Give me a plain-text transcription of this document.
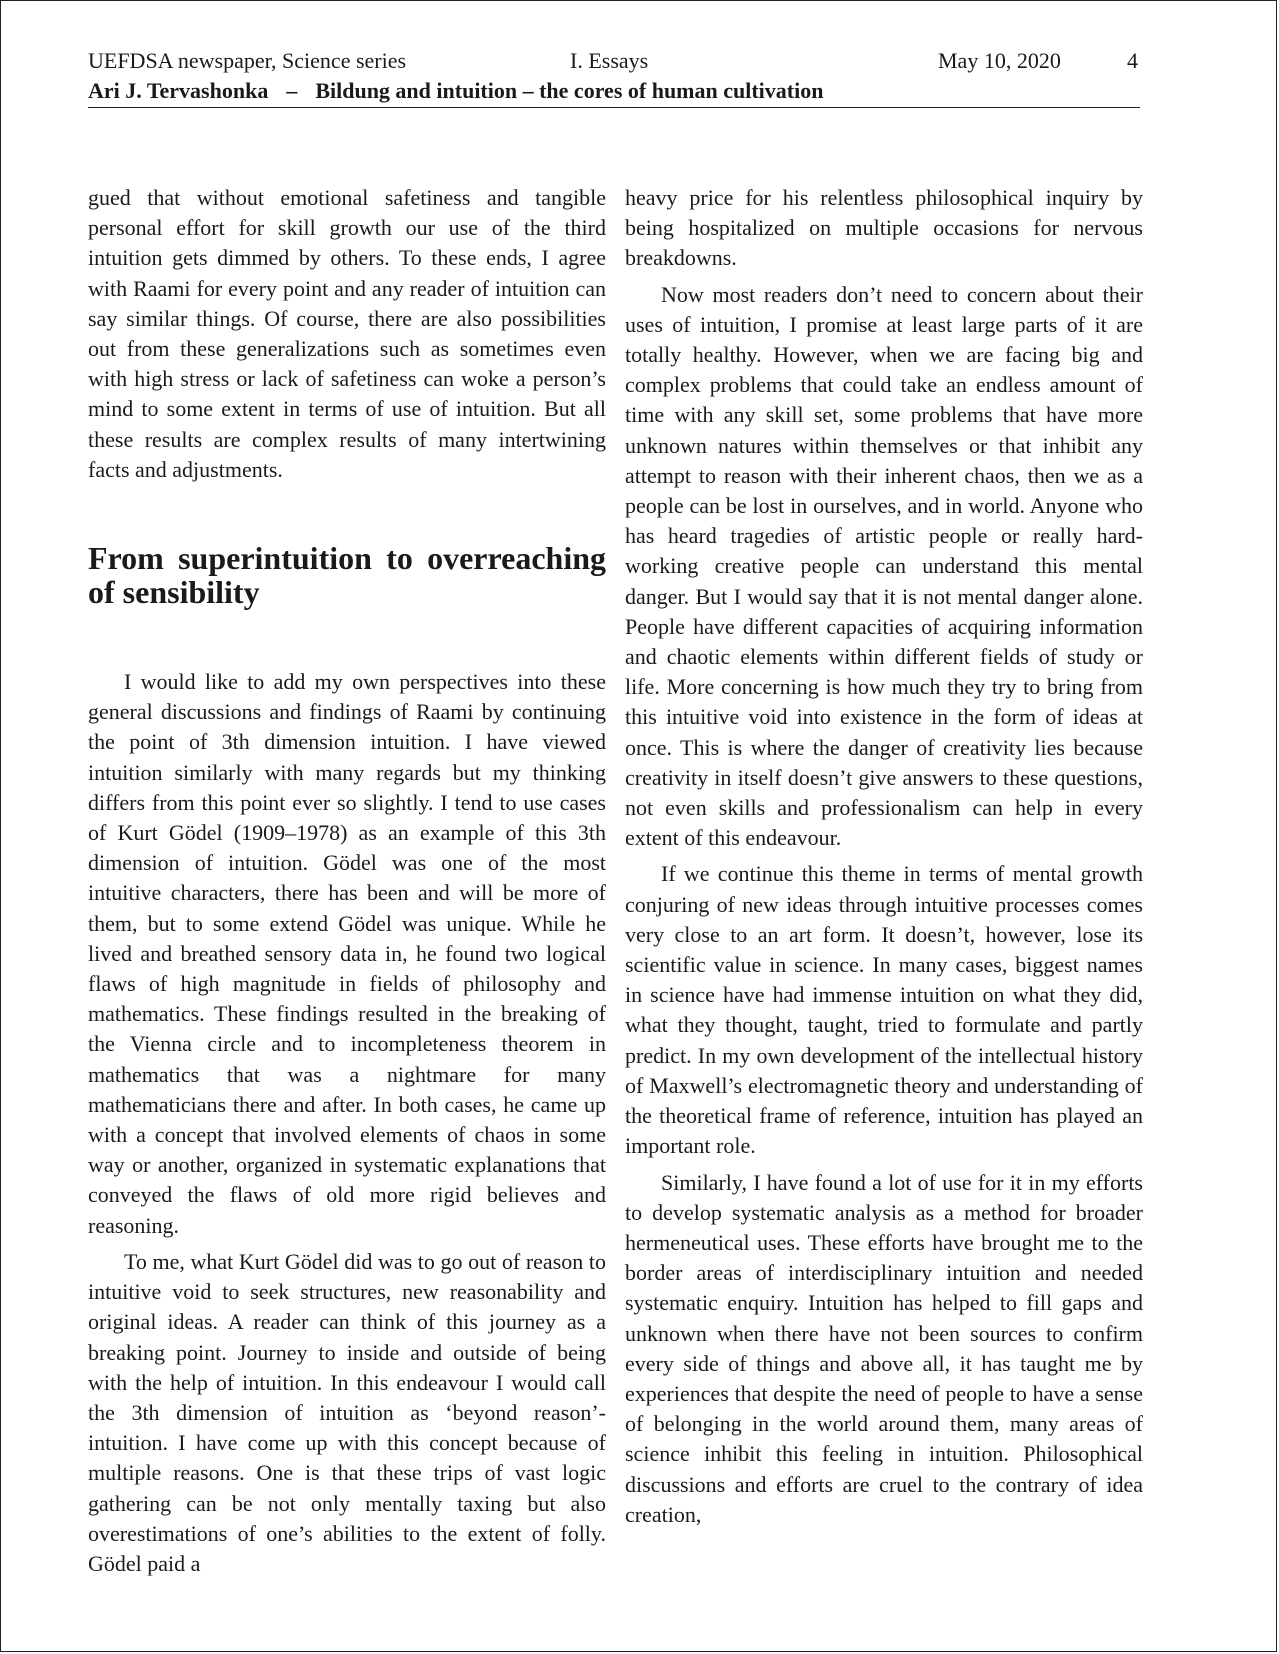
UEFDSA newspaper, Science series	I. Essays	May 10, 2020	4
Ari J. Tervashonka – Bildung and intuition – the cores of human cultivation

gued that without emotional safetiness and tangible personal effort for skill growth our use of the third intuition gets dimmed by others. To these ends, I agree with Raami for every point and any reader of intuition can say similar things. Of course, there are also possibilities out from these generalizations such as sometimes even with high stress or lack of safetiness can woke a person’s mind to some extent in terms of use of intuition. But all these results are complex results of many intertwining facts and adjustments.

From superintuition to overreaching of sensibility

I would like to add my own perspectives into these general discussions and findings of Raami by continuing the point of 3th dimension intuition. I have viewed intuition similarly with many regards but my thinking differs from this point ever so slightly. I tend to use cases of Kurt Gödel (1909–1978) as an example of this 3th dimension of intuition. Gödel was one of the most intuitive characters, there has been and will be more of them, but to some extend Gödel was unique. While he lived and breathed sensory data in, he found two logical flaws of high magnitude in fields of philosophy and mathematics. These findings resulted in the breaking of the Vienna circle and to incompleteness theorem in mathematics that was a nightmare for many mathematicians there and after. In both cases, he came up with a concept that involved elements of chaos in some way or another, organized in systematic explanations that conveyed the flaws of old more rigid believes and reasoning.

To me, what Kurt Gödel did was to go out of reason to intuitive void to seek structures, new reasonability and original ideas. A reader can think of this journey as a breaking point. Journey to inside and outside of being with the help of intuition. In this endeavour I would call the 3th dimension of intuition as ‘beyond reason’-intuition. I have come up with this concept because of multiple reasons. One is that these trips of vast logic gathering can be not only mentally taxing but also overestimations of one’s abilities to the extent of folly. Gödel paid a

heavy price for his relentless philosophical inquiry by being hospitalized on multiple occasions for nervous breakdowns.

Now most readers don’t need to concern about their uses of intuition, I promise at least large parts of it are totally healthy. However, when we are facing big and complex problems that could take an endless amount of time with any skill set, some problems that have more unknown natures within themselves or that inhibit any attempt to reason with their inherent chaos, then we as a people can be lost in ourselves, and in world. Anyone who has heard tragedies of artistic people or really hard-working creative people can understand this mental danger. But I would say that it is not mental danger alone. People have different capacities of acquiring information and chaotic elements within different fields of study or life. More concerning is how much they try to bring from this intuitive void into existence in the form of ideas at once. This is where the danger of creativity lies because creativity in itself doesn’t give answers to these questions, not even skills and professionalism can help in every extent of this endeavour.

If we continue this theme in terms of mental growth conjuring of new ideas through intuitive processes comes very close to an art form. It doesn’t, however, lose its scientific value in science. In many cases, biggest names in science have had immense intuition on what they did, what they thought, taught, tried to formulate and partly predict. In my own development of the intellectual history of Maxwell’s electromagnetic theory and understanding of the theoretical frame of reference, intuition has played an important role.

Similarly, I have found a lot of use for it in my efforts to develop systematic analysis as a method for broader hermeneutical uses. These efforts have brought me to the border areas of interdisciplinary intuition and needed systematic enquiry. Intuition has helped to fill gaps and unknown when there have not been sources to confirm every side of things and above all, it has taught me by experiences that despite the need of people to have a sense of belonging in the world around them, many areas of science inhibit this feeling in intuition. Philosophical discussions and efforts are cruel to the contrary of idea creation,
